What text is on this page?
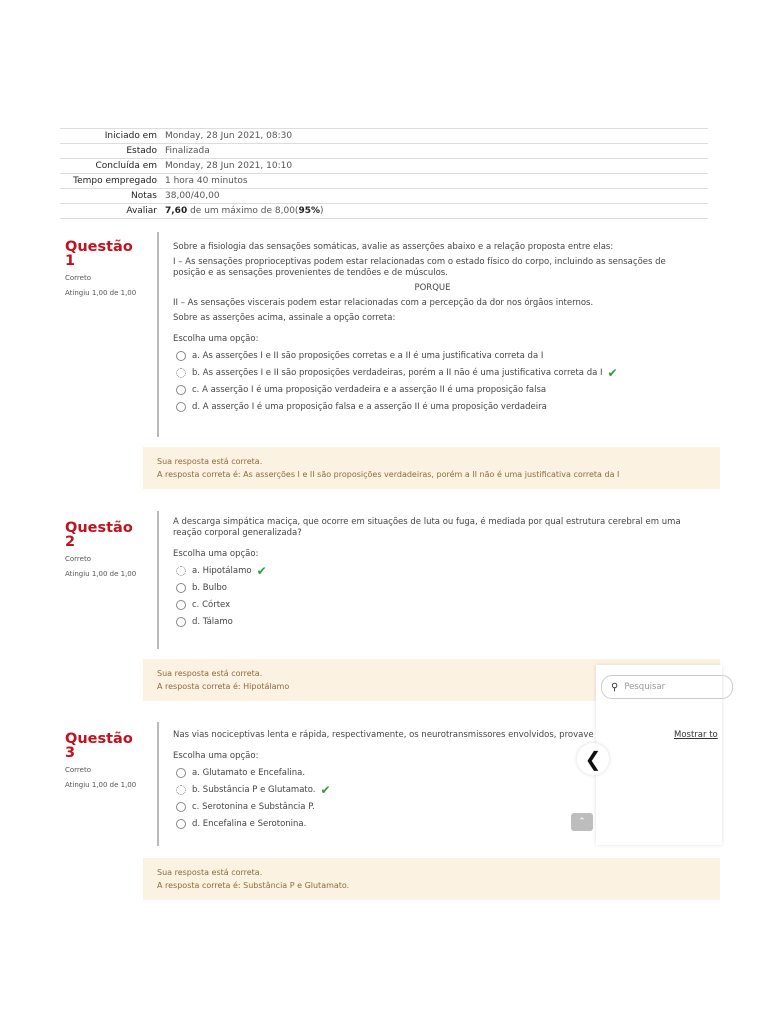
Iniciado em	Monday, 28 Jun 2021, 08:30
Estado	Finalizada
Concluída em	Monday, 28 Jun 2021, 10:10
Tempo empregado	1 hora 40 minutos
Notas	38,00/40,00
Avaliar	7,60 de um máximo de 8,00(95%)
Questão 1
Correto
Atingiu 1,00 de 1,00

Sobre a fisiologia das sensações somáticas, avalie as asserções abaixo e a relação proposta entre elas:

I – As sensações proprioceptivas podem estar relacionadas com o estado físico do corpo, incluindo as sensações de posição e as sensações provenientes de tendões e de músculos.

PORQUE

II – As sensações viscerais podem estar relacionadas com a percepção da dor nos órgãos internos.

Sobre as asserções acima, assinale a opção correta:

Escolha uma opção:
a. As asserções I e II são proposições corretas e a II é uma justificativa correta da I
b. As asserções I e II são proposições verdadeiras, porém a II não é uma justificativa correta da I ✔
c. A asserção I é uma proposição verdadeira e a asserção II é uma proposição falsa
d. A asserção I é uma proposição falsa e a asserção II é uma proposição verdadeira
Sua resposta está correta.
A resposta correta é: As asserções I e II são proposições verdadeiras, porém a II não é uma justificativa correta da I
Questão 2
Correto
Atingiu 1,00 de 1,00

A descarga simpática maciça, que ocorre em situações de luta ou fuga, é mediada por qual estrutura cerebral em uma reação corporal generalizada?

Escolha uma opção:
a. Hipotálamo ✔
b. Bulbo
c. Córtex
d. Tálamo
Sua resposta está correta.
A resposta correta é: Hipotálamo
Questão 3
Correto
Atingiu 1,00 de 1,00

Nas vias nociceptivas lenta e rápida, respectivamente, os neurotransmissores envolvidos, provave

Escolha uma opção:
a. Glutamato e Encefalina.
b. Substância P e Glutamato. ✔
c. Serotonina e Substância P.
d. Encefalina e Serotonina.
Sua resposta está correta.
A resposta correta é: Substância P e Glutamato.
⚲ Pesquisar
Mostrar to
❮
⌃
